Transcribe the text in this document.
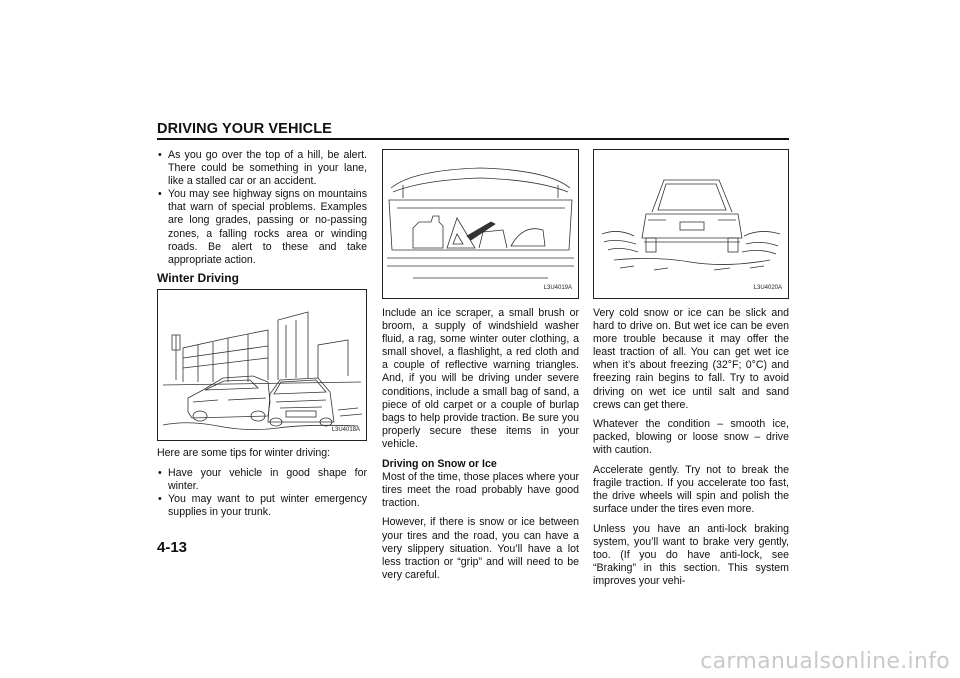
DRIVING YOUR VEHICLE
• As you go over the top of a hill, be alert. There could be something in your lane, like a stalled car or an accident.
• You may see highway signs on mountains that warn of special problems. Examples are long grades, passing or no-passing zones, a falling rocks area or winding roads. Be alert to these and take appropriate action.
Winter Driving
L3U4018A

Here are some tips for winter driving:

• Have your vehicle in good shape for winter.
• You may want to put winter emergency supplies in your trunk.
L3U4019A

Include an ice scraper, a small brush or broom, a supply of windshield washer fluid, a rag, some winter outer clothing, a small shovel, a flashlight, a red cloth and a couple of reflective warning triangles. And, if you will be driving under severe conditions, include a small bag of sand, a piece of old carpet or a couple of burlap bags to help provide traction. Be sure you properly secure these items in your vehicle.

Driving on Snow or Ice

Most of the time, those places where your tires meet the road probably have good traction.

However, if there is snow or ice between your tires and the road, you can have a very slippery situation. You’ll have a lot less traction or “grip” and will need to be very careful.

L3U4020A

Very cold snow or ice can be slick and hard to drive on. But wet ice can be even more trouble because it may offer the least traction of all. You can get wet ice when it’s about freezing (32°F; 0°C) and freezing rain begins to fall. Try to avoid driving on wet ice until salt and sand crews can get there.

Whatever the condition – smooth ice, packed, blowing or loose snow – drive with caution.

Accelerate gently. Try not to break the fragile traction. If you accelerate too fast, the drive wheels will spin and polish the surface under the tires even more.

Unless you have an anti-lock braking system, you’ll want to brake very gently, too. (If you do have anti-lock, see “Braking” in this section. This system improves your vehi-

4-13
carmanualsonline.info
